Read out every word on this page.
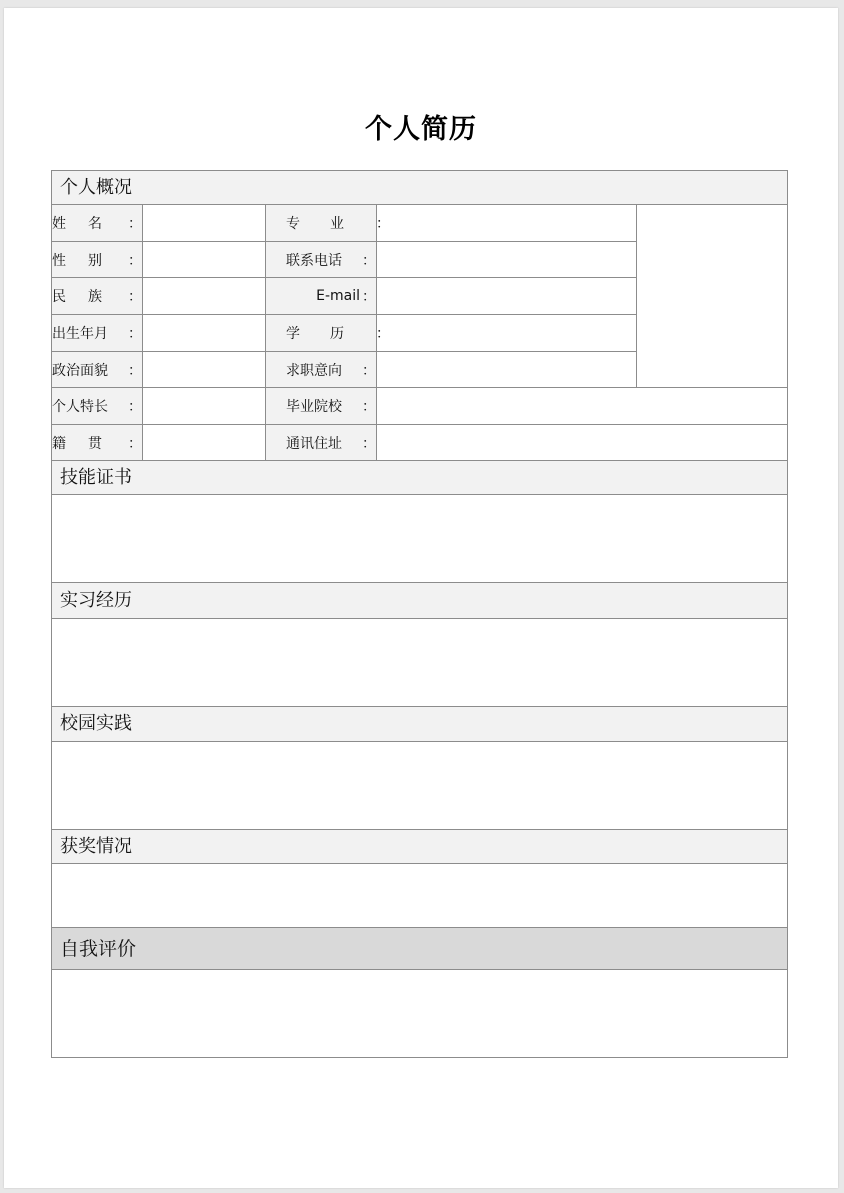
个人简历
个人概况				

姓名 ：		专业 ：		

性别 ：		联系电话 ：		

民族 ：		E-mail ：		

出生年月 ：		学历 ：		

政治面貌 ：		求职意向 ：		

个人特长 ：		毕业院校 ：		

籍贯 ：		通讯住址 ：		

技能证书				

实习经历				

校园实践				

获奖情况				

自我评价				
